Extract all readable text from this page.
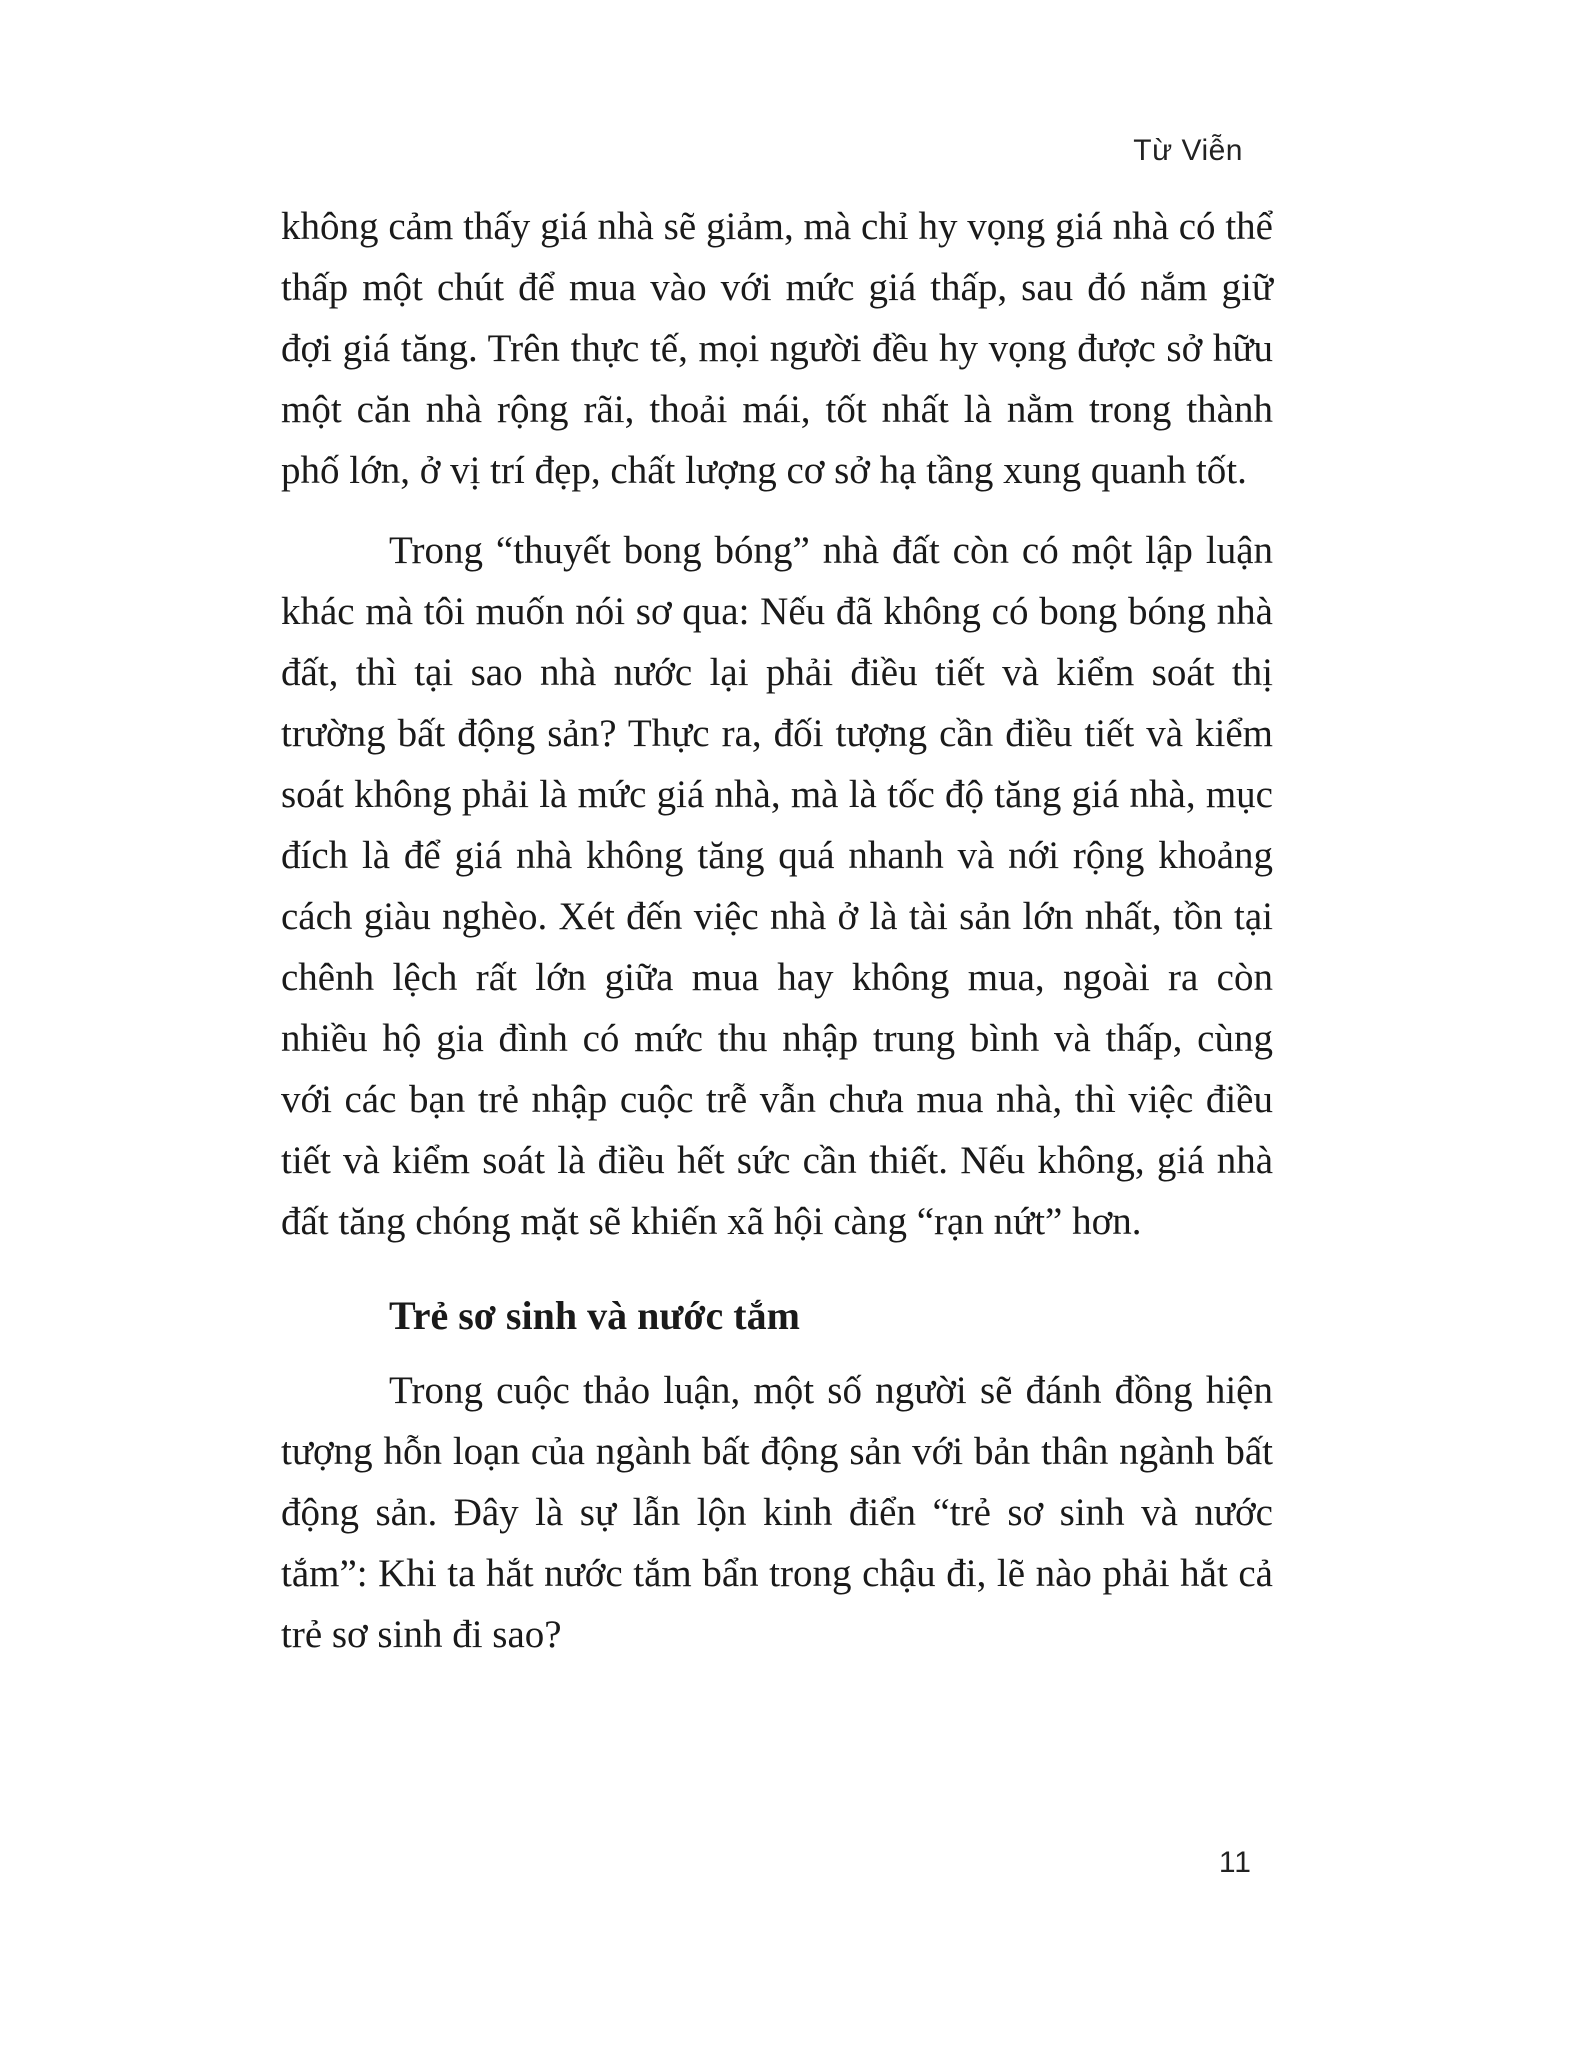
Từ Viễn

không cảm thấy giá nhà sẽ giảm, mà chỉ hy vọng giá nhà có thể thấp một chút để mua vào với mức giá thấp, sau đó nắm giữ đợi giá tăng. Trên thực tế, mọi người đều hy vọng được sở hữu một căn nhà rộng rãi, thoải mái, tốt nhất là nằm trong thành phố lớn, ở vị trí đẹp, chất lượng cơ sở hạ tầng xung quanh tốt.

Trong “thuyết bong bóng” nhà đất còn có một lập luận khác mà tôi muốn nói sơ qua: Nếu đã không có bong bóng nhà đất, thì tại sao nhà nước lại phải điều tiết và kiểm soát thị trường bất động sản? Thực ra, đối tượng cần điều tiết và kiểm soát không phải là mức giá nhà, mà là tốc độ tăng giá nhà, mục đích là để giá nhà không tăng quá nhanh và nới rộng khoảng cách giàu nghèo. Xét đến việc nhà ở là tài sản lớn nhất, tồn tại chênh lệch rất lớn giữa mua hay không mua, ngoài ra còn nhiều hộ gia đình có mức thu nhập trung bình và thấp, cùng với các bạn trẻ nhập cuộc trễ vẫn chưa mua nhà, thì việc điều tiết và kiểm soát là điều hết sức cần thiết. Nếu không, giá nhà đất tăng chóng mặt sẽ khiến xã hội càng “rạn nứt” hơn.

Trẻ sơ sinh và nước tắm

Trong cuộc thảo luận, một số người sẽ đánh đồng hiện tượng hỗn loạn của ngành bất động sản với bản thân ngành bất động sản. Đây là sự lẫn lộn kinh điển “trẻ sơ sinh và nước tắm”: Khi ta hắt nước tắm bẩn trong chậu đi, lẽ nào phải hắt cả trẻ sơ sinh đi sao?

11
